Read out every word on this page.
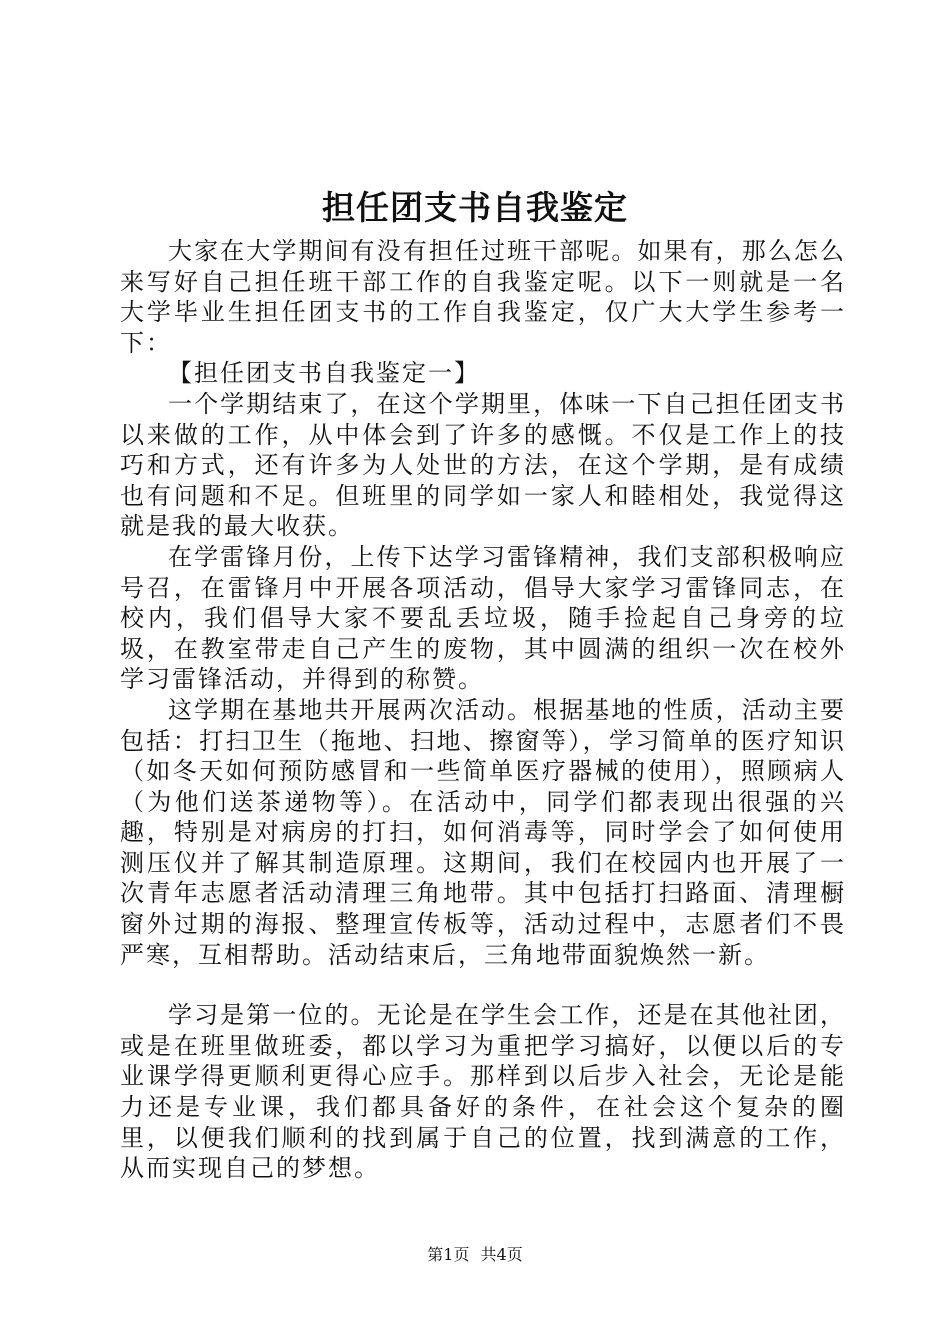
担任团支书自我鉴定

大家在大学期间有没有担任过班干部呢。如果有，那么怎么来写好自己担任班干部工作的自我鉴定呢。以下一则就是一名大学毕业生担任团支书的工作自我鉴定，仅广大大学生参考一下：

【担任团支书自我鉴定一】

一个学期结束了，在这个学期里，体味一下自己担任团支书以来做的工作，从中体会到了许多的感慨。不仅是工作上的技巧和方式，还有许多为人处世的方法，在这个学期，是有成绩也有问题和不足。但班里的同学如一家人和睦相处，我觉得这就是我的最大收获。

在学雷锋月份，上传下达学习雷锋精神，我们支部积极响应号召，在雷锋月中开展各项活动，倡导大家学习雷锋同志，在校内，我们倡导大家不要乱丢垃圾，随手捡起自己身旁的垃圾，在教室带走自己产生的废物，其中圆满的组织一次在校外学习雷锋活动，并得到的称赞。

这学期在基地共开展两次活动。根据基地的性质，活动主要包括：打扫卫生（拖地、扫地、擦窗等），学习简单的医疗知识（如冬天如何预防感冒和一些简单医疗器械的使用），照顾病人（为他们送茶递物等）。在活动中，同学们都表现出很强的兴趣，特别是对病房的打扫，如何消毒等，同时学会了如何使用测压仪并了解其制造原理。这期间，我们在校园内也开展了一次青年志愿者活动清理三角地带。其中包括打扫路面、清理橱窗外过期的海报、整理宣传板等，活动过程中，志愿者们不畏严寒，互相帮助。活动结束后，三角地带面貌焕然一新。

学习是第一位的。无论是在学生会工作，还是在其他社团，或是在班里做班委，都以学习为重把学习搞好，以便以后的专业课学得更顺利更得心应手。那样到以后步入社会，无论是能力还是专业课，我们都具备好的条件，在社会这个复杂的圈里，以便我们顺利的找到属于自己的位置，找到满意的工作，从而实现自己的梦想。

第1页 共4页
